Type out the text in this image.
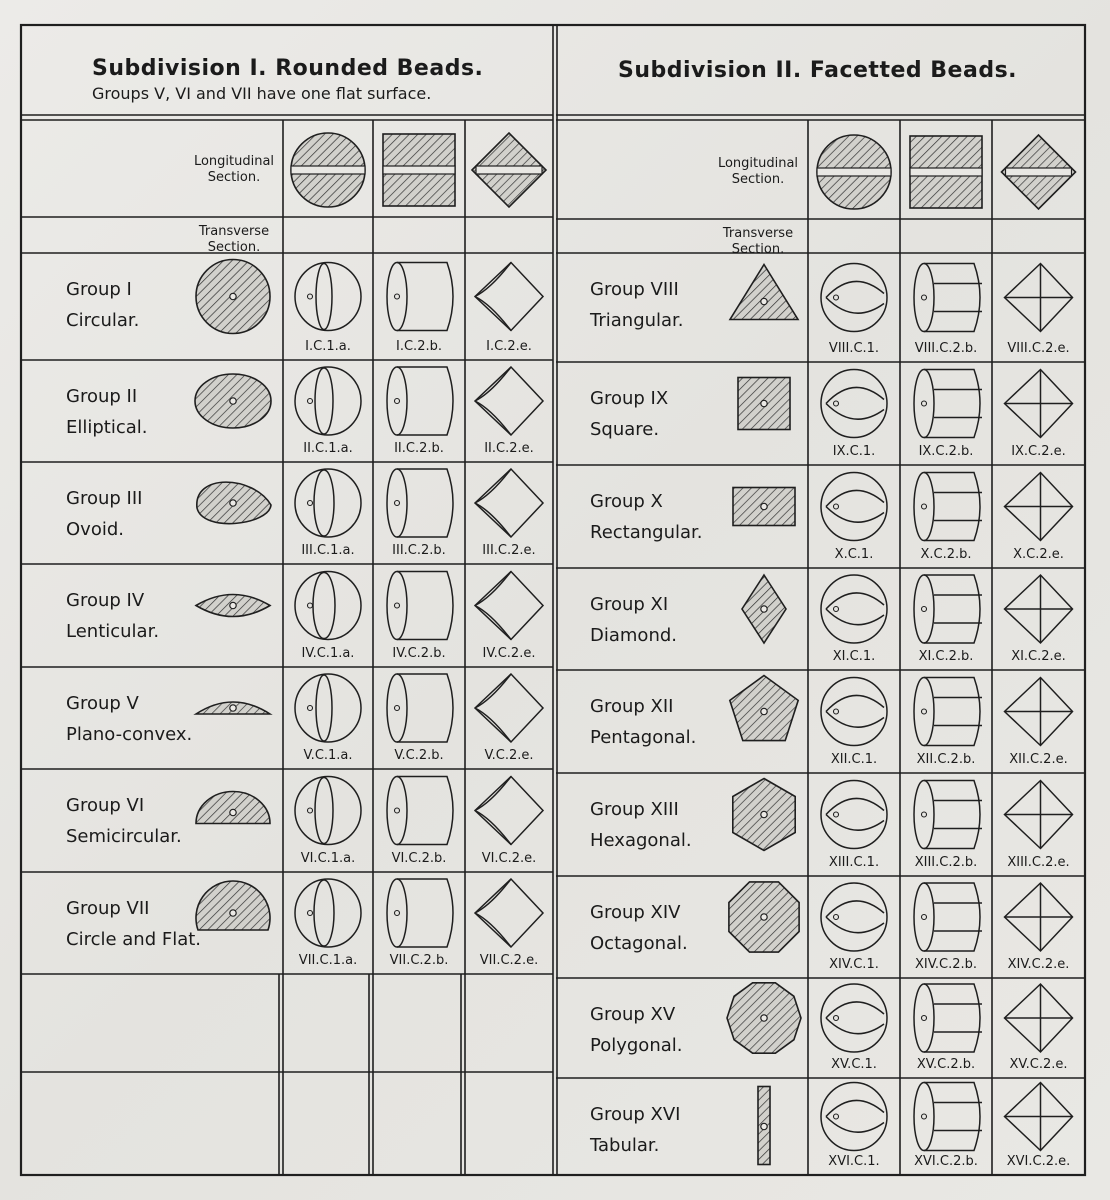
Subdivision I. Rounded Beads.
Groups V, VI and VII have one flat surface.
Subdivision II. Facetted Beads.
Longitudinal Section.
Transverse Section.
Longitudinal Section.
Transverse Section.
Group I
Circular.
I.C.1.a.	I.C.2.b.	I.C.2.e.
Group II
Elliptical.
II.C.1.a.	II.C.2.b.	II.C.2.e.
Group III
Ovoid.
III.C.1.a.	III.C.2.b.	III.C.2.e.
Group IV
Lenticular.
IV.C.1.a.	IV.C.2.b.	IV.C.2.e.
Group V
Plano-convex.
V.C.1.a.	V.C.2.b.	V.C.2.e.
Group VI
Semicircular.
VI.C.1.a.	VI.C.2.b.	VI.C.2.e.
Group VII
Circle and Flat.
VII.C.1.a.	VII.C.2.b.	VII.C.2.e.
Group VIII
Triangular.
VIII.C.1.	VIII.C.2.b.	VIII.C.2.e.
Group IX
Square.
IX.C.1.	IX.C.2.b.	IX.C.2.e.
Group X
Rectangular.
X.C.1.	X.C.2.b.	X.C.2.e.
Group XI
Diamond.
XI.C.1.	XI.C.2.b.	XI.C.2.e.
Group XII
Pentagonal.
XII.C.1.	XII.C.2.b.	XII.C.2.e.
Group XIII
Hexagonal.
XIII.C.1.	XIII.C.2.b.	XIII.C.2.e.
Group XIV
Octagonal.
XIV.C.1.	XIV.C.2.b.	XIV.C.2.e.
Group XV
Polygonal.
XV.C.1.	XV.C.2.b.	XV.C.2.e.
Group XVI
Tabular.
XVI.C.1.	XVI.C.2.b.	XVI.C.2.e.
